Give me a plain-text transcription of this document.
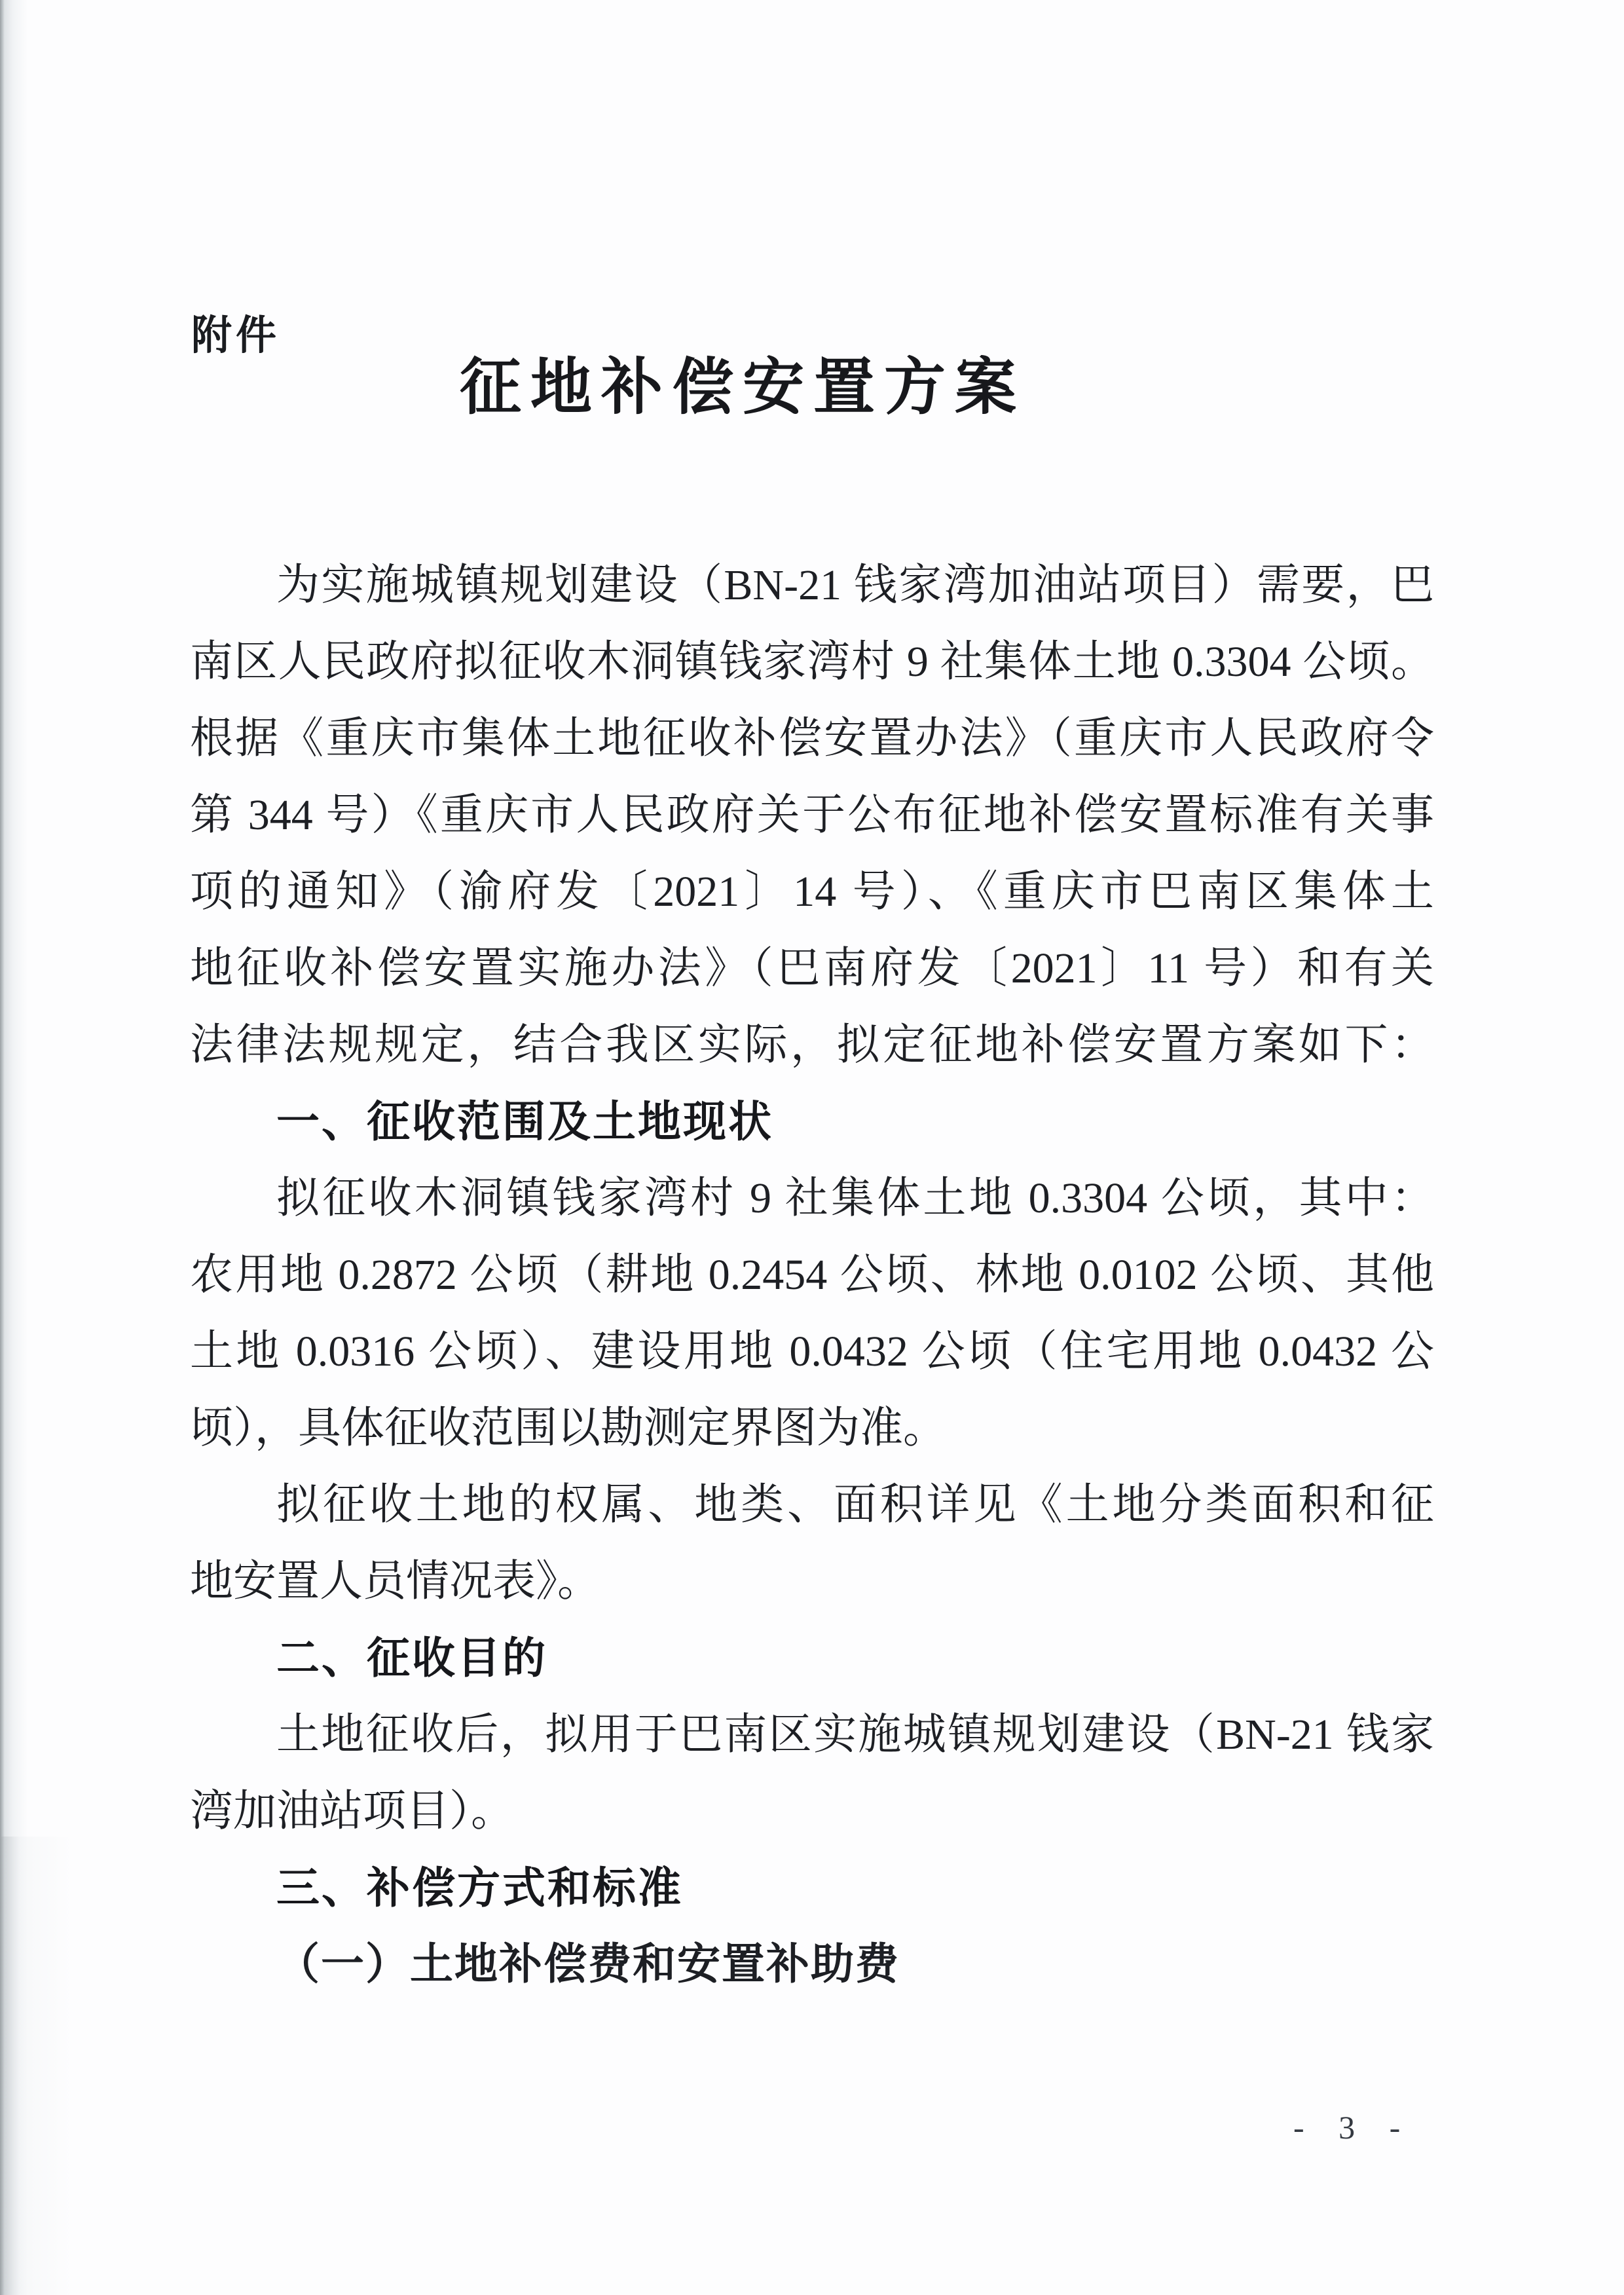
附件
征地补偿安置方案
为实施城镇规划建设（BN-21 钱家湾加油站项目）需要，巴
南区人民政府拟征收木洞镇钱家湾村 9 社集体土地 0.3304 公顷。
根据《重庆市集体土地征收补偿安置办法》（重庆市人民政府令
第 344 号）《重庆市人民政府关于公布征地补偿安置标准有关事
项的通知》（渝府发〔2021〕14 号）、《重庆市巴南区集体土
地征收补偿安置实施办法》（巴南府发〔2021〕11 号）和有关
法律法规规定，结合我区实际，拟定征地补偿安置方案如下：
一、征收范围及土地现状
拟征收木洞镇钱家湾村 9 社集体土地 0.3304 公顷，其中：
农用地 0.2872 公顷（耕地 0.2454 公顷、林地 0.0102 公顷、其他
土地 0.0316 公顷）、建设用地 0.0432 公顷（住宅用地 0.0432 公
顷），具体征收范围以勘测定界图为准。
拟征收土地的权属、地类、面积详见《土地分类面积和征
地安置人员情况表》。
二、征收目的
土地征收后，拟用于巴南区实施城镇规划建设（BN-21 钱家
湾加油站项目）。
三、补偿方式和标准
（一）土地补偿费和安置补助费
- 3 -
